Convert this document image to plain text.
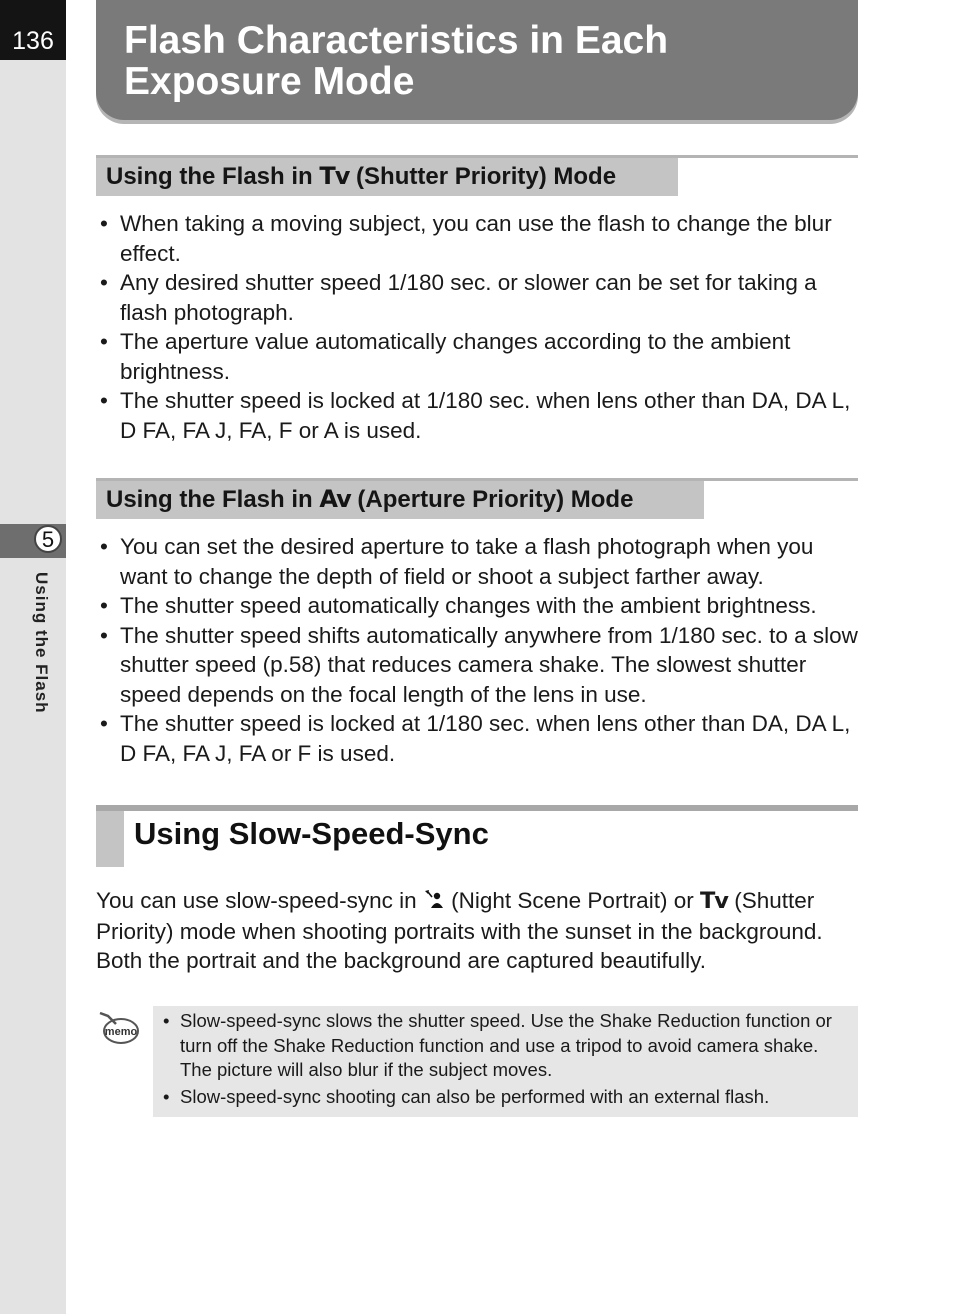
136
5
Using the Flash
Flash Characteristics in Each Exposure Mode
Using the Flash in Tv (Shutter Priority) Mode
• When taking a moving subject, you can use the flash to change the blur effect.
• Any desired shutter speed 1/180 sec. or slower can be set for taking a flash photograph.
• The aperture value automatically changes according to the ambient brightness.
• The shutter speed is locked at 1/180 sec. when lens other than DA, DA L, D FA, FA J, FA, F or A is used.
Using the Flash in Av (Aperture Priority) Mode
• You can set the desired aperture to take a flash photograph when you want to change the depth of field or shoot a subject farther away.
• The shutter speed automatically changes with the ambient brightness.
• The shutter speed shifts automatically anywhere from 1/180 sec. to a slow shutter speed (p.58) that reduces camera shake. The slowest shutter speed depends on the focal length of the lens in use.
• The shutter speed is locked at 1/180 sec. when lens other than DA, DA L, D FA, FA J, FA or F is used.
Using Slow-Speed-Sync

You can use slow-speed-sync in  (Night Scene Portrait) or Tv (Shutter Priority) mode when shooting portraits with the sunset in the background. Both the portrait and the background are captured beautifully.

memo
• Slow-speed-sync slows the shutter speed. Use the Shake Reduction function or turn off the Shake Reduction function and use a tripod to avoid camera shake. The picture will also blur if the subject moves.
• Slow-speed-sync shooting can also be performed with an external flash.
